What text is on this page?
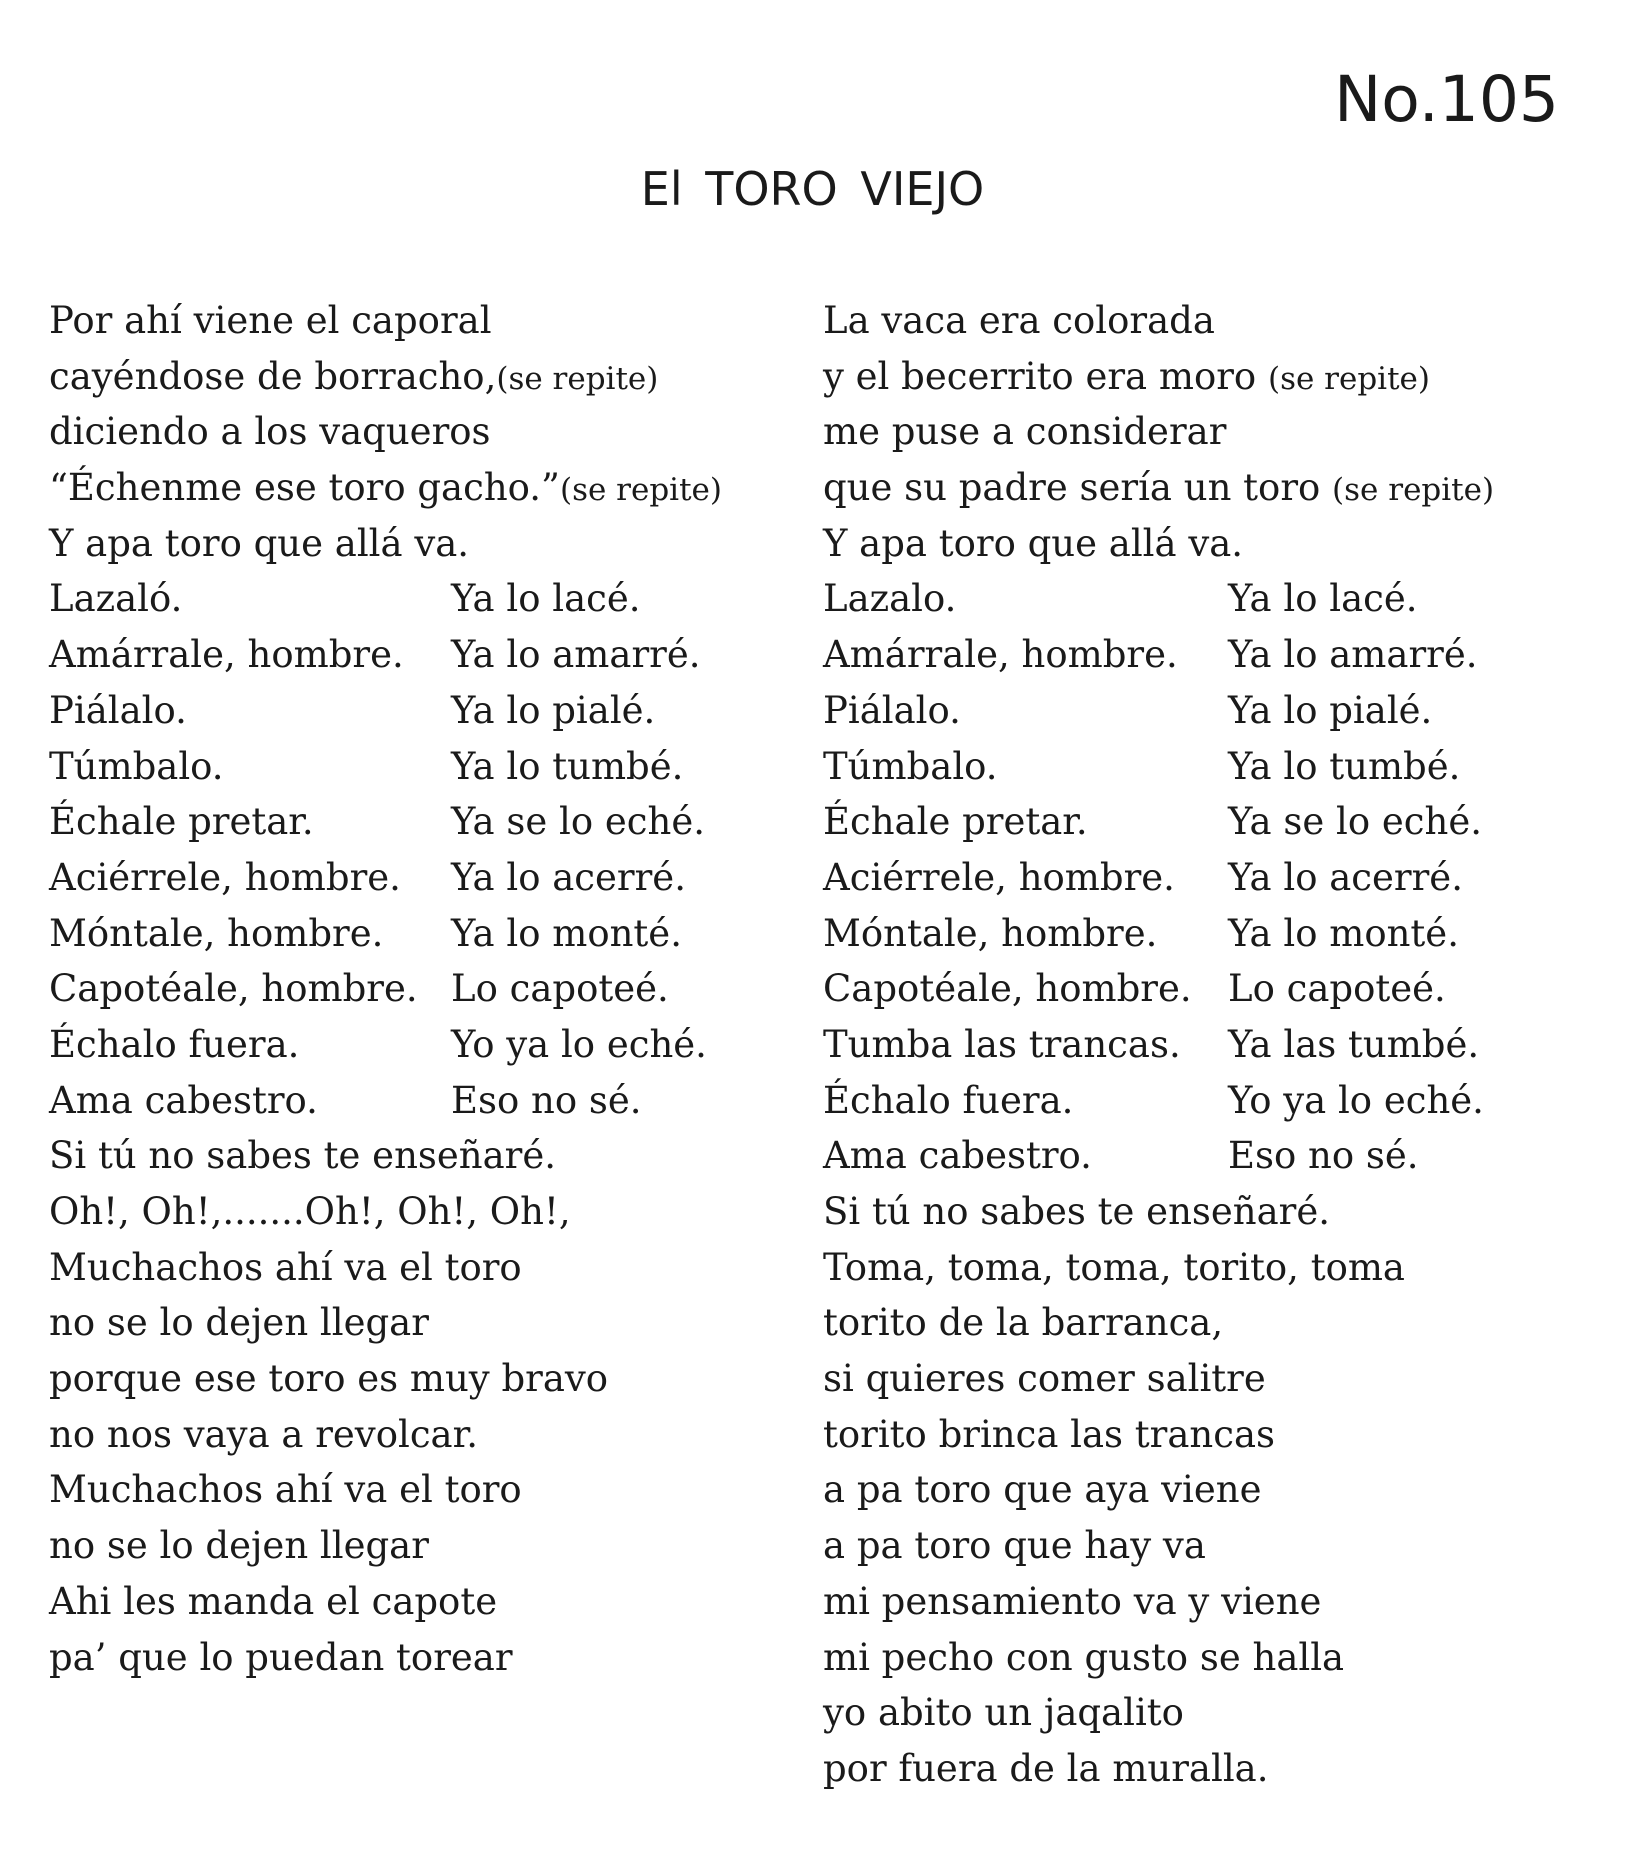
No.105
El TORO VIEJO
Por ahí viene el caporal
cayéndose de borracho,(se repite)
diciendo a los vaqueros
“Échenme ese toro gacho.”(se repite)
Y apa toro que allá va.
Lazaló.	Ya lo lacé.
Amárrale, hombre. Ya lo amarré.
Piálalo.	Ya lo pialé.
Túmbalo.	Ya lo tumbé.
Échale pretar.	Ya se lo eché.
Aciérrele, hombre. Ya lo acerré.
Móntale, hombre. Ya lo monté.
Capotéale, hombre. Lo capoteé.
Échalo fuera.	Yo ya lo eché.
Ama cabestro.	Eso no sé.
Si tú no sabes te enseñaré.
Oh!, Oh!,.......Oh!, Oh!, Oh!,
Muchachos ahí va el toro
no se lo dejen llegar
porque ese toro es muy bravo
no nos vaya a revolcar.
Muchachos ahí va el toro
no se lo dejen llegar
Ahi les manda el capote
pa’ que lo puedan torear
La vaca era colorada
y el becerrito era moro (se repite)
me puse a considerar
que su padre sería un toro (se repite)
Y apa toro que allá va.
Lazalo.	Ya lo lacé.
Amárrale, hombre. Ya lo amarré.
Piálalo.	Ya lo pialé.
Túmbalo.	Ya lo tumbé.
Échale pretar.	Ya se lo eché.
Aciérrele, hombre. Ya lo acerré.
Móntale, hombre. Ya lo monté.
Capotéale, hombre. Lo capoteé.
Tumba las trancas. Ya las tumbé.
Échalo fuera.	Yo ya lo eché.
Ama cabestro.	Eso no sé.
Si tú no sabes te enseñaré.
Toma, toma, toma, torito, toma
torito de la barranca,
si quieres comer salitre
torito brinca las trancas
a pa toro que aya viene
a pa toro que hay va
mi pensamiento va y viene
mi pecho con gusto se halla
yo abito un jaqalito
por fuera de la muralla.
